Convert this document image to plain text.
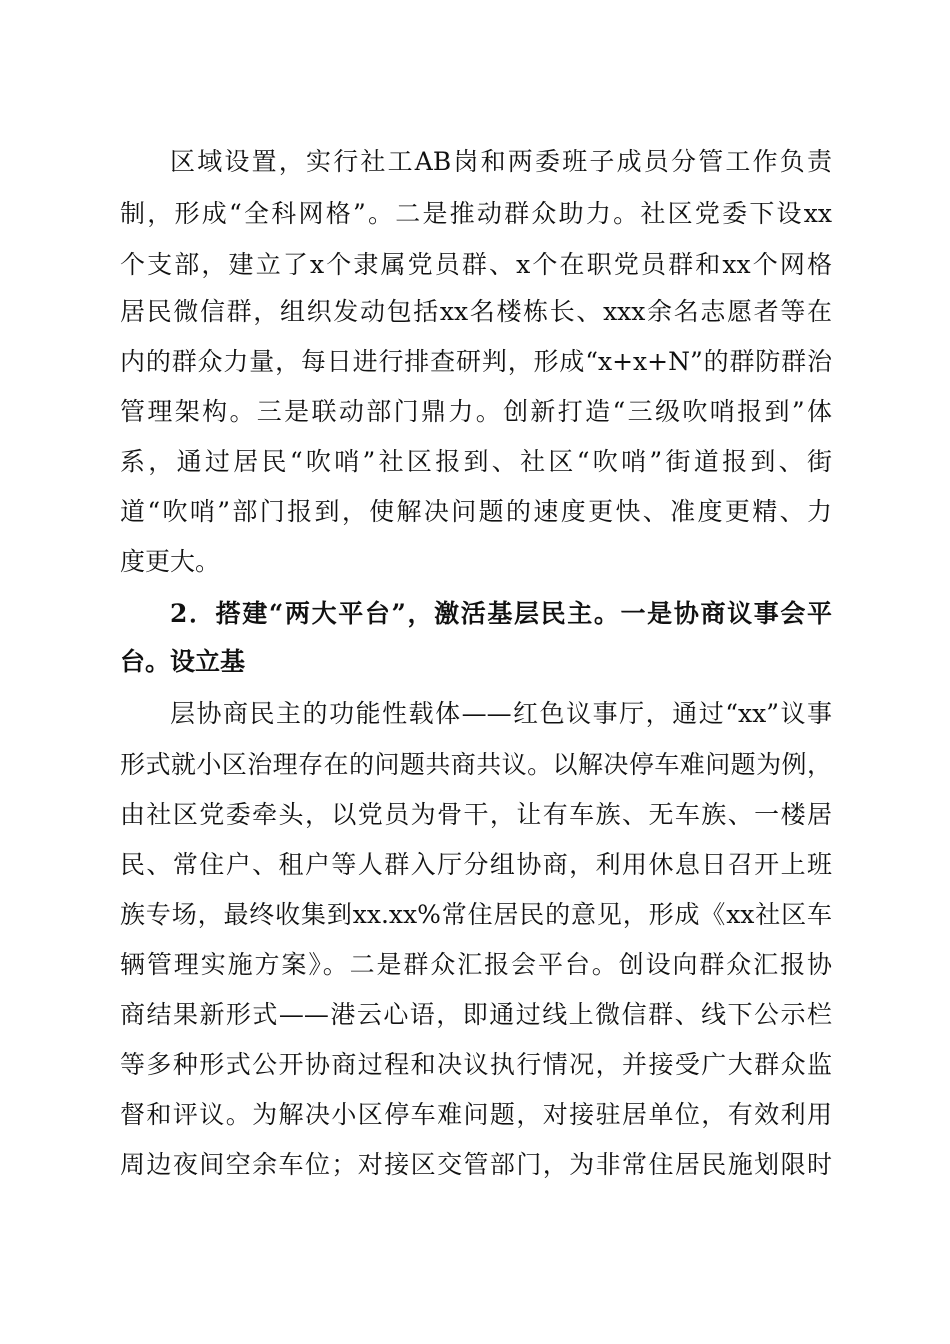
区域设置，实行社工AB岗和两委班子成员分管工作负责
制，形成“全科网格”。二是推动群众助力。社区党委下设xx
个支部，建立了x个隶属党员群、x个在职党员群和xx个网格
居民微信群，组织发动包括xx名楼栋长、xxx余名志愿者等在
内的群众力量，每日进行排查研判，形成“x+x+N”的群防群治
管理架构。三是联动部门鼎力。创新打造“三级吹哨报到”体
系，通过居民“吹哨”社区报到、社区“吹哨”街道报到、街
道“吹哨”部门报到，使解决问题的速度更快、准度更精、力
度更大。
2．搭建“两大平台”，激活基层民主。一是协商议事会平
台。设立基
层协商民主的功能性载体——红色议事厅，通过“xx”议事
形式就小区治理存在的问题共商共议。以解决停车难问题为例，
由社区党委牵头，以党员为骨干，让有车族、无车族、一楼居
民、常住户、租户等人群入厅分组协商，利用休息日召开上班
族专场，最终收集到xx.xx%常住居民的意见，形成《xx社区车
辆管理实施方案》。二是群众汇报会平台。创设向群众汇报协
商结果新形式——港云心语，即通过线上微信群、线下公示栏
等多种形式公开协商过程和决议执行情况，并接受广大群众监
督和评议。为解决小区停车难问题，对接驻居单位，有效利用
周边夜间空余车位；对接区交管部门，为非常住居民施划限时
